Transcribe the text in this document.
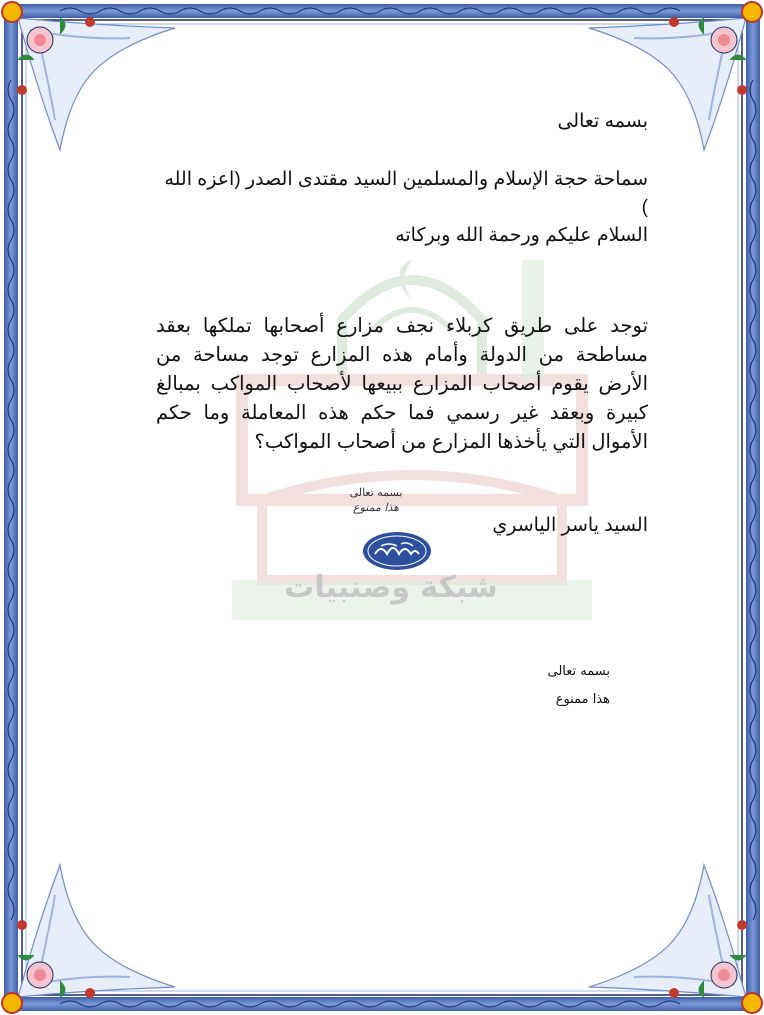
شبكة وصنبيات
بسمه تعالى
سماحة حجة الإسلام والمسلمين السيد مقتدى الصدر (اعزه الله )
السلام عليكم ورحمة الله وبركاته
توجد على طريق كربلاء نجف مزارع أصحابها تملكها بعقد مساطحة من الدولة وأمام هذه المزارع توجد مساحة من الأرض يقوم أصحاب المزارع ببيعها لأصحاب المواكب بمبالغ كبيرة وبعقد غير رسمي فما حكم هذه المعاملة وما حكم الأموال التي يأخذها المزارع من أصحاب المواكب؟
السيد ياسر الياسري
بسمه تعالى
هذا ممنوع
بسمه تعالى
هذا ممنوع
